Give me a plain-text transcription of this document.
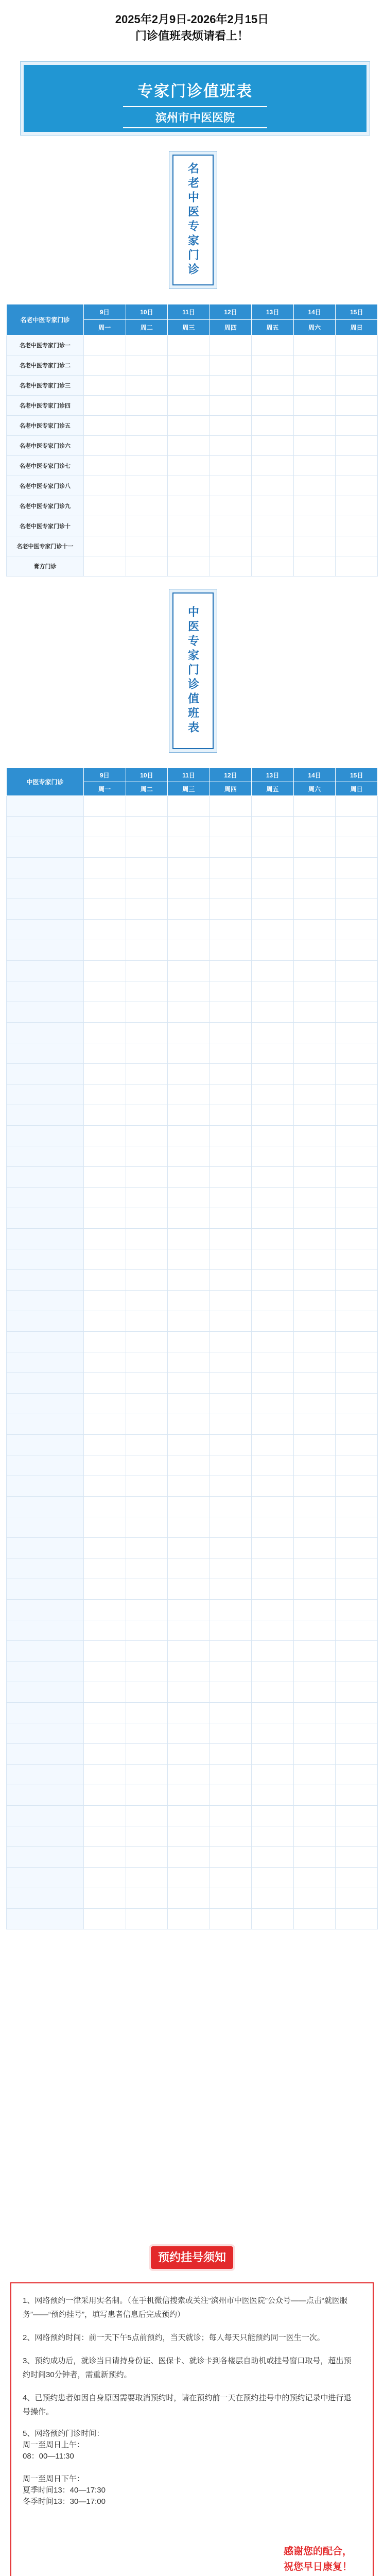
2025年2月9日-2026年2月15日
门诊值班表烦请看上！
专家门诊值班表
滨州市中医医院
名老中医专家门诊
名老中医专家门诊	9日	10日	11日	12日	13日	14日	15日
	周一	周二	周三	周四	周五	周六	周日
名老中医专家门诊一							
名老中医专家门诊二							
名老中医专家门诊三							
名老中医专家门诊四							
名老中医专家门诊五							
名老中医专家门诊六							
名老中医专家门诊七							
名老中医专家门诊八							
名老中医专家门诊九							
名老中医专家门诊十							
名老中医专家门诊十一							
膏方门诊							
中医专家门诊值班表
中医专家门诊	9日	10日	11日	12日	13日	14日	15日
	周一	周二	周三	周四	周五	周六	周日

预约挂号须知

1、网络预约一律采用实名制。（在手机微信搜索或关注“滨州市中医医院”公众号——点击“就医服务”——“预约挂号”，填写患者信息后完成预约）

2、网络预约时间：前一天下午5点前预约，当天就诊；每人每天只能预约同一医生一次。

3、预约成功后，就诊当日请持身份证、医保卡、就诊卡到各楼层自助机或挂号窗口取号，超出预约时间30分钟者，需重新预约。

4、已预约患者如因自身原因需要取消预约时，请在预约前一天在预约挂号中的预约记录中进行退号操作。

5、网络预约门诊时间：
周一至周日上午：
08：00—11:30

周一至周日下午：
夏季时间13：40—17:30
冬季时间13：30—17:00

感谢您的配合，
祝您早日康复！
